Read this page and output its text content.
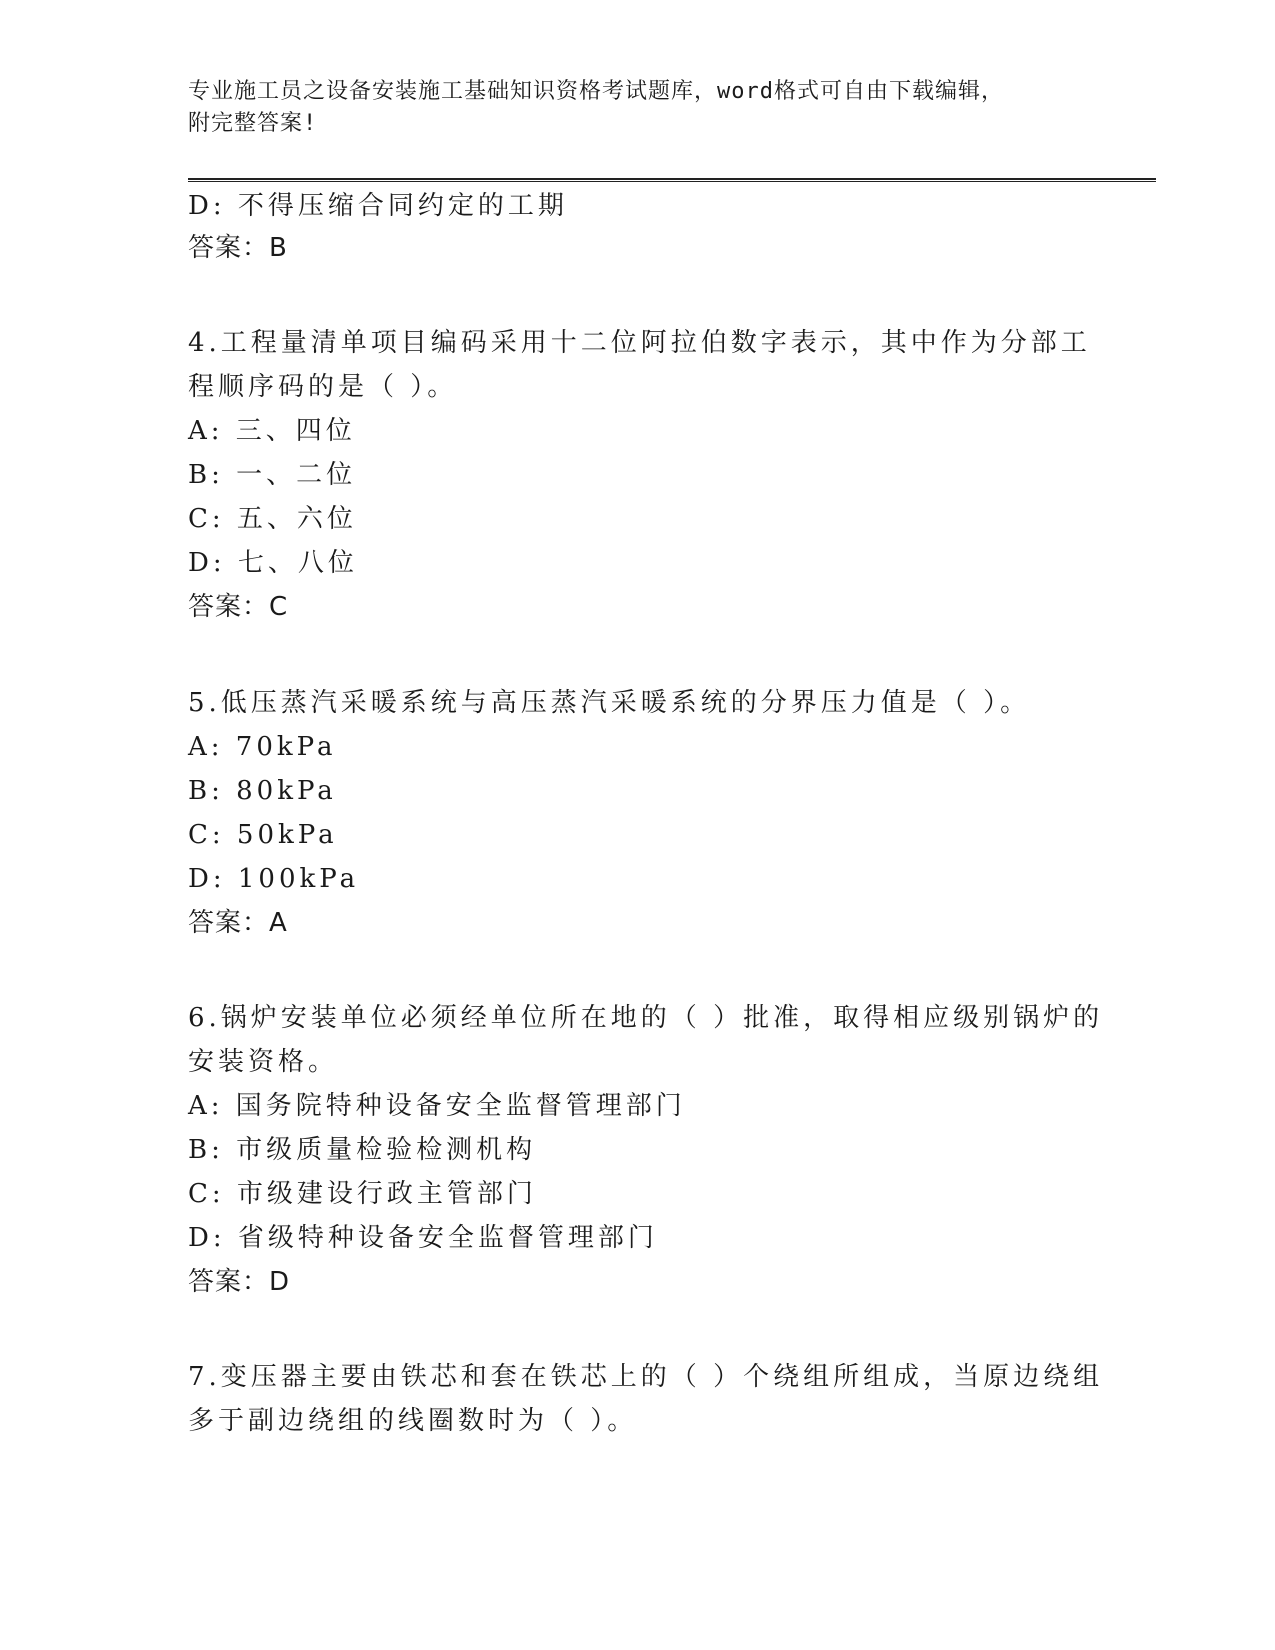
专业施工员之设备安装施工基础知识资格考试题库，word格式可自由下载编辑，
附完整答案!
D: 不得压缩合同约定的工期
答案：B
4.工程量清单项目编码采用十二位阿拉伯数字表示，其中作为分部工
程顺序码的是（ ）。
A: 三、四位
B: 一、二位
C: 五、六位
D: 七、八位
答案：C
5.低压蒸汽采暖系统与高压蒸汽采暖系统的分界压力值是（ ）。
A: 70kPa
B: 80kPa
C: 50kPa
D: 100kPa
答案：A
6.锅炉安装单位必须经单位所在地的（ ）批准，取得相应级别锅炉的
安装资格。
A: 国务院特种设备安全监督管理部门
B: 市级质量检验检测机构
C: 市级建设行政主管部门
D: 省级特种设备安全监督管理部门
答案：D
7.变压器主要由铁芯和套在铁芯上的（ ）个绕组所组成，当原边绕组
多于副边绕组的线圈数时为（ ）。
